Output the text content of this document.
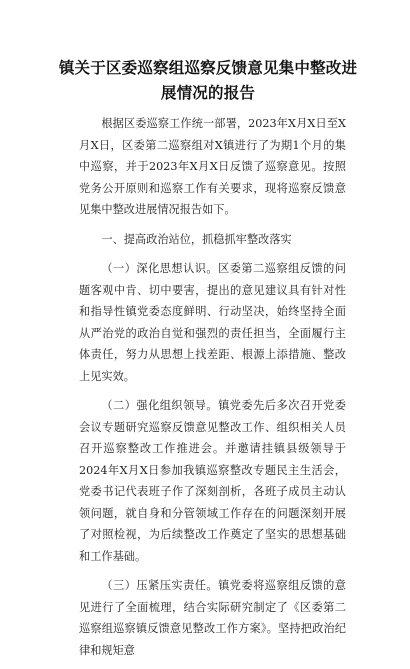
镇关于区委巡察组巡察反馈意见集中整改进展情况的报告

根据区委巡察工作统一部署，2023年X月X日至X月X日，区委第二巡察组对X镇进行了为期1个月的集中巡察，并于2023年X月X日反馈了巡察意见。按照党务公开原则和巡察工作有关要求，现将巡察反馈意见集中整改进展情况报告如下。

一、提高政治站位，抓稳抓牢整改落实

（一）深化思想认识。区委第二巡察组反馈的问题客观中肯、切中要害，提出的意见建议具有针对性和指导性镇党委态度鲜明、行动坚决，始终坚持全面从严治党的政治自觉和强烈的责任担当，全面履行主体责任，努力从思想上找差距、根源上添措施、整改上见实效。

（二）强化组织领导。镇党委先后多次召开党委会议专题研究巡察反馈意见整改工作、组织相关人员召开巡察整改工作推进会。并邀请挂镇县级领导于2024年X月X日参加我镇巡察整改专题民主生活会，党委书记代表班子作了深刻剖析，各班子成员主动认领问题，就自身和分管领域工作存在的问题深刻开展了对照检视，为后续整改工作奠定了坚实的思想基础和工作基础。

（三）压紧压实责任。镇党委将巡察组反馈的意见进行了全面梳理，结合实际研究制定了《区委第二巡察组巡察镇反馈意见整改工作方案》。坚持把政治纪律和规矩意
